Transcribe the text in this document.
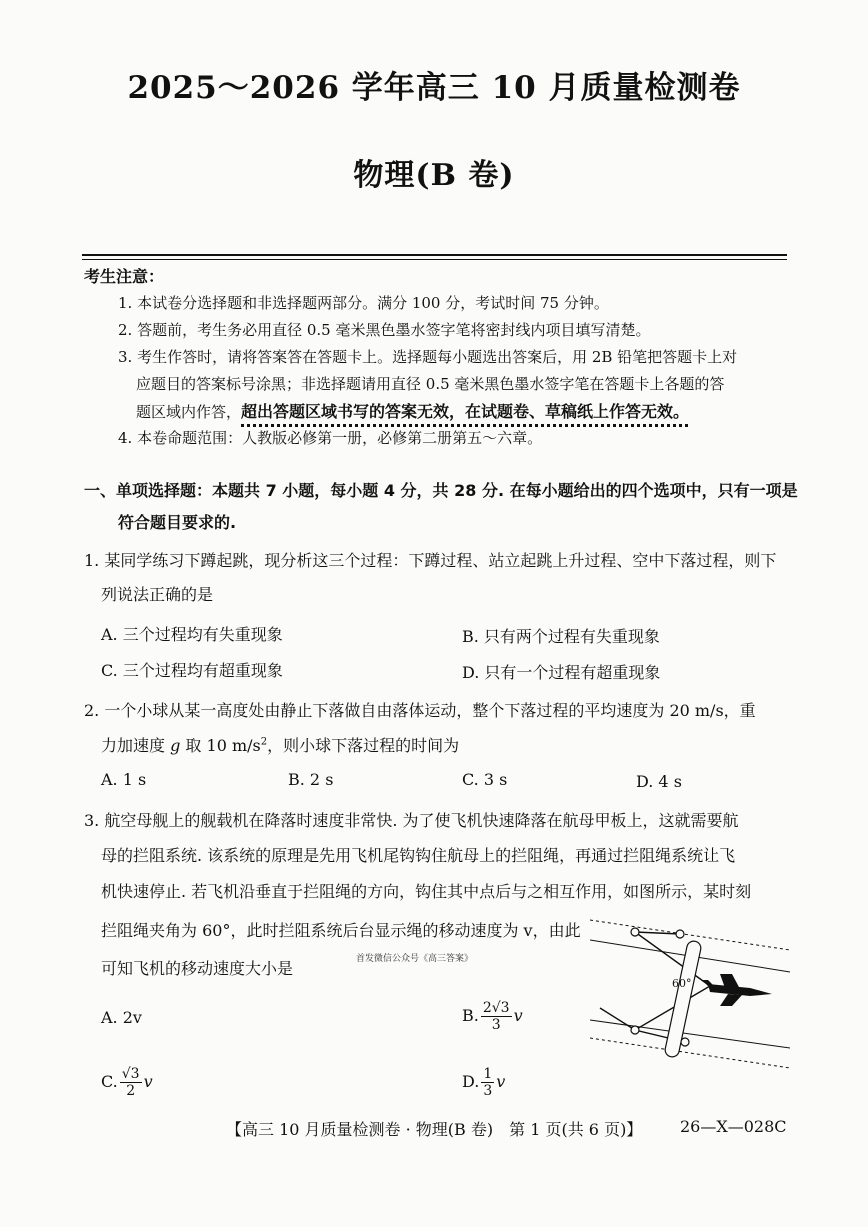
2025～2026 学年高三 10 月质量检测卷
物理(B 卷)
考生注意：
1. 本试卷分选择题和非选择题两部分。满分 100 分，考试时间 75 分钟。
2. 答题前，考生务必用直径 0.5 毫米黑色墨水签字笔将密封线内项目填写清楚。
3. 考生作答时，请将答案答在答题卡上。选择题每小题选出答案后，用 2B 铅笔把答题卡上对
应题目的答案标号涂黑；非选择题请用直径 0.5 毫米黑色墨水签字笔在答题卡上各题的答
题区域内作答，超出答题区域书写的答案无效，在试题卷、草稿纸上作答无效。
4. 本卷命题范围：人教版必修第一册，必修第二册第五～六章。
一、单项选择题：本题共 7 小题，每小题 4 分，共 28 分. 在每小题给出的四个选项中，只有一项是
符合题目要求的.
1. 某同学练习下蹲起跳，现分析这三个过程：下蹲过程、站立起跳上升过程、空中下落过程，则下
列说法正确的是
A. 三个过程均有失重现象	B. 只有两个过程有失重现象
C. 三个过程均有超重现象	D. 只有一个过程有超重现象
2. 一个小球从某一高度处由静止下落做自由落体运动，整个下落过程的平均速度为 20 m/s，重
力加速度 g 取 10 $m/s^2$，则小球下落过程的时间为
A. 1 s	B. 2 s	C. 3 s	D. 4 s
3. 航空母舰上的舰载机在降落时速度非常快. 为了使飞机快速降落在航母甲板上，这就需要航
母的拦阻系统. 该系统的原理是先用飞机尾钩钩住航母上的拦阻绳，再通过拦阻绳系统让飞
机快速停止. 若飞机沿垂直于拦阻绳的方向，钩住其中点后与之相互作用，如图所示，某时刻
拦阻绳夹角为 60°，此时拦阻系统后台显示绳的移动速度为 v，由此
可知飞机的移动速度大小是	首发微信公众号《高三答案》
A. 2v	B. $\frac{2√3}{3}$ v
C. $\frac{√3}{2}$ v	D. $\frac{1}{3}$ v
60°
【高三 10 月质量检测卷 · 物理(B 卷)　第 1 页(共 6 页)】 26—X—028C
